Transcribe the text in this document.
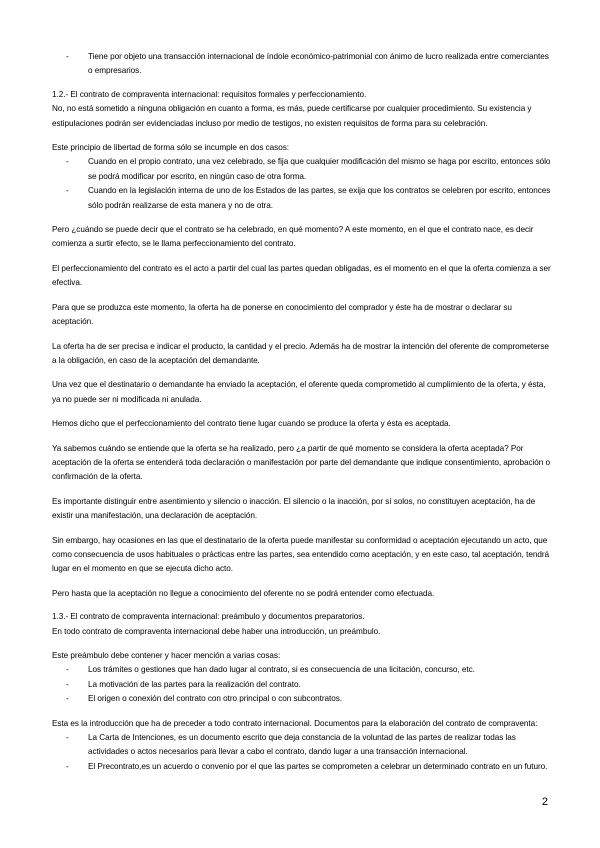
- Tiene por objeto una transacción internacional de índole económico-patrimonial con ánimo de lucro realizada entre comerciantes o empresarios.

1.2.- El contrato de compraventa internacional: requisitos formales y perfeccionamiento.

No, no está sometido a ninguna obligación en cuanto a forma, es más, puede certificarse por cualquier procedimiento. Su existencia y estipulaciones podrán ser evidenciadas incluso por medio de testigos, no existen requisitos de forma para su celebración.

Este principio de libertad de forma sólo se incumple en dos casos:

- Cuando en el propio contrato, una vez celebrado, se fija que cualquier modificación del mismo se haga por escrito, entonces sólo se podrá modificar por escrito, en ningún caso de otra forma.
- Cuando en la legislación interna de uno de los Estados de las partes, se exija que los contratos se celebren por escrito, entonces sólo podrán realizarse de esta manera y no de otra.

Pero ¿cuándo se puede decir que el contrato se ha celebrado, en qué momento? A este momento, en el que el contrato nace, es decir comienza a surtir efecto, se le llama perfeccionamiento del contrato.

El perfeccionamiento del contrato es el acto a partir del cual las partes quedan obligadas, es el momento en el que la oferta comienza a ser efectiva.

Para que se produzca este momento, la oferta ha de ponerse en conocimiento del comprador y éste ha de mostrar o declarar su aceptación.

La oferta ha de ser precisa e indicar el producto, la cantidad y el precio. Además ha de mostrar la intención del oferente de comprometerse a la obligación, en caso de la aceptación del demandante.

Una vez que el destinatario o demandante ha enviado la aceptación, el oferente queda comprometido al cumplimiento de la oferta, y ésta, ya no puede ser ni modificada ni anulada.

Hemos dicho que el perfeccionamiento del contrato tiene lugar cuando se produce la oferta y ésta es aceptada.

Ya sabemos cuándo se entiende que la oferta se ha realizado, pero ¿a partir de qué momento se considera la oferta aceptada? Por aceptación de la oferta se entenderá toda declaración o manifestación por parte del demandante que indique consentimiento, aprobación o confirmación de la oferta.

Es importante distinguir entre asentimiento y silencio o inacción. El silencio o la inacción, por sí solos, no constituyen aceptación, ha de existir una manifestación, una declaración de aceptación.

Sin embargo, hay ocasiones en las que el destinatario de la oferta puede manifestar su conformidad o aceptación ejecutando un acto, que como consecuencia de usos habituales o prácticas entre las partes, sea entendido como aceptación, y en este caso, tal aceptación, tendrá lugar en el momento en que se ejecuta dicho acto.

Pero hasta que la aceptación no llegue a conocimiento del oferente no se podrá entender como efectuada.

1.3.- El contrato de compraventa internacional: preámbulo y documentos preparatorios.

En todo contrato de compraventa internacional debe haber una introducción, un preámbulo.

Este preámbulo debe contener y hacer mención a varias cosas:

- Los trámites o gestiones que han dado lugar al contrato, si es consecuencia de una licitación, concurso, etc.
- La motivación de las partes para la realización del contrato.
- El origen o conexión del contrato con otro principal o con subcontratos.

Esta es la introducción que ha de preceder a todo contrato internacional. Documentos para la elaboración del contrato de compraventa:

- La Carta de Intenciones, es un documento escrito que deja constancia de la voluntad de las partes de realizar todas las actividades o actos necesarios para llevar a cabo el contrato, dando lugar a una transacción internacional.
- El Precontrato,es un acuerdo o convenio por el que las partes se comprometen a celebrar un determinado contrato en un futuro.
2
